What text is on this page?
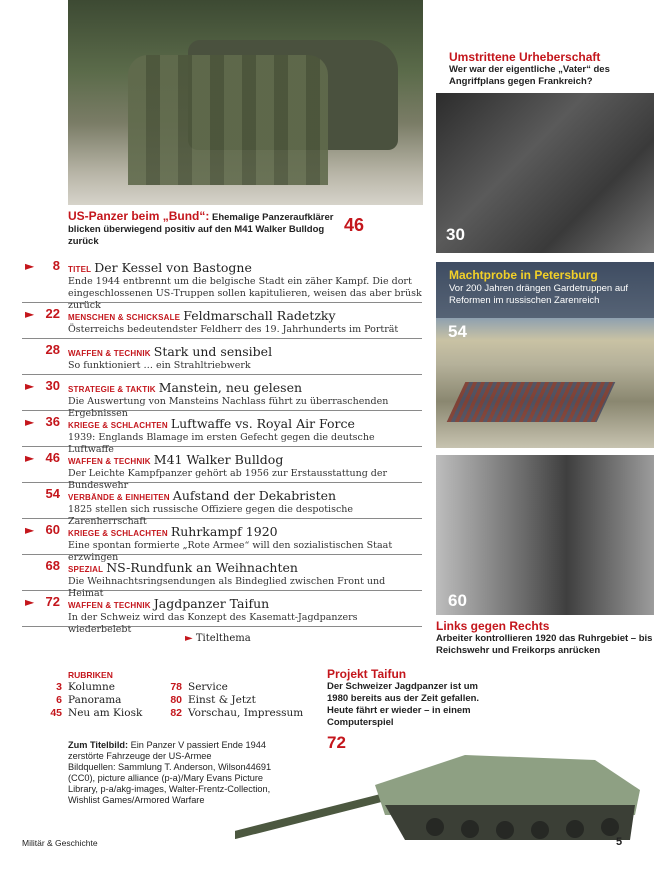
US-Panzer beim „Bund“: Ehemalige Panzeraufklärer blicken überwiegend positiv auf den M41 Walker Bulldog zurück
46
Umstrittene Urheberschaft
Wer war der eigentliche „Vater“ des Angriffplans gegen Frankreich?
30
Machtprobe in Petersburg
Vor 200 Jahren drängen Gardetruppen auf Reformen im russischen Zarenreich
54
60
Links gegen Rechts
Arbeiter kontrollieren 1920 das Ruhrgebiet – bis Reichswehr und Freikorps anrücken
►	8 TITEL Der Kessel von Bastogne
Ende 1944 entbrennt um die belgische Stadt ein zäher Kampf. Die dort eingeschlossenen US-Truppen sollen kapitulieren, weisen das aber brüsk zurück
► 22 MENSCHEN & SCHICKSALE Feldmarschall Radetzky
Österreichs bedeutendster Feldherr des 19. Jahrhunderts im Porträt
28 WAFFEN & TECHNIK Stark und sensibel
So funktioniert … ein Strahltriebwerk
► 30 STRATEGIE & TAKTIK Manstein, neu gelesen
Die Auswertung von Mansteins Nachlass führt zu überraschenden Ergebnissen
► 36 KRIEGE & SCHLACHTEN Luftwaffe vs. Royal Air Force
1939: Englands Blamage im ersten Gefecht gegen die deutsche Luftwaffe
► 46 WAFFEN & TECHNIK M41 Walker Bulldog
Der Leichte Kampfpanzer gehört ab 1956 zur Erstausstattung der Bundeswehr
54 VERBÄNDE & EINHEITEN Aufstand der Dekabristen
1825 stellen sich russische Offiziere gegen die despotische Zarenherrschaft
► 60 KRIEGE & SCHLACHTEN Ruhrkampf 1920
Eine spontan formierte „Rote Armee“ will den sozialistischen Staat erzwingen
68 SPEZIAL NS-Rundfunk an Weihnachten
Die Weihnachtsringsendungen als Bindeglied zwischen Front und Heimat
► 72 WAFFEN & TECHNIK Jagdpanzer Taifun
In der Schweiz wird das Konzept des Kasematt-Jagdpanzers wiederbelebt
► Titelthema
RUBRIKEN
3 Kolumne
6 Panorama
45 Neu am Kiosk
78 Service
80 Einst & Jetzt
82 Vorschau, Impressum
Zum Titelbild: Ein Panzer V passiert Ende 1944 zerstörte Fahrzeuge der US-Armee
Bildquellen: Sammlung T. Anderson, Wilson44691 (CC0), picture alliance (p-a)/Mary Evans Picture Library, p-a/akg-images, Walter-Frentz-Collection, Wishlist Games/Armored Warfare
Projekt Taifun
Der Schweizer Jagdpanzer ist um 1980 bereits aus der Zeit gefallen. Heute fährt er wieder – in einem Computerspiel
72
Militär & Geschichte	5
